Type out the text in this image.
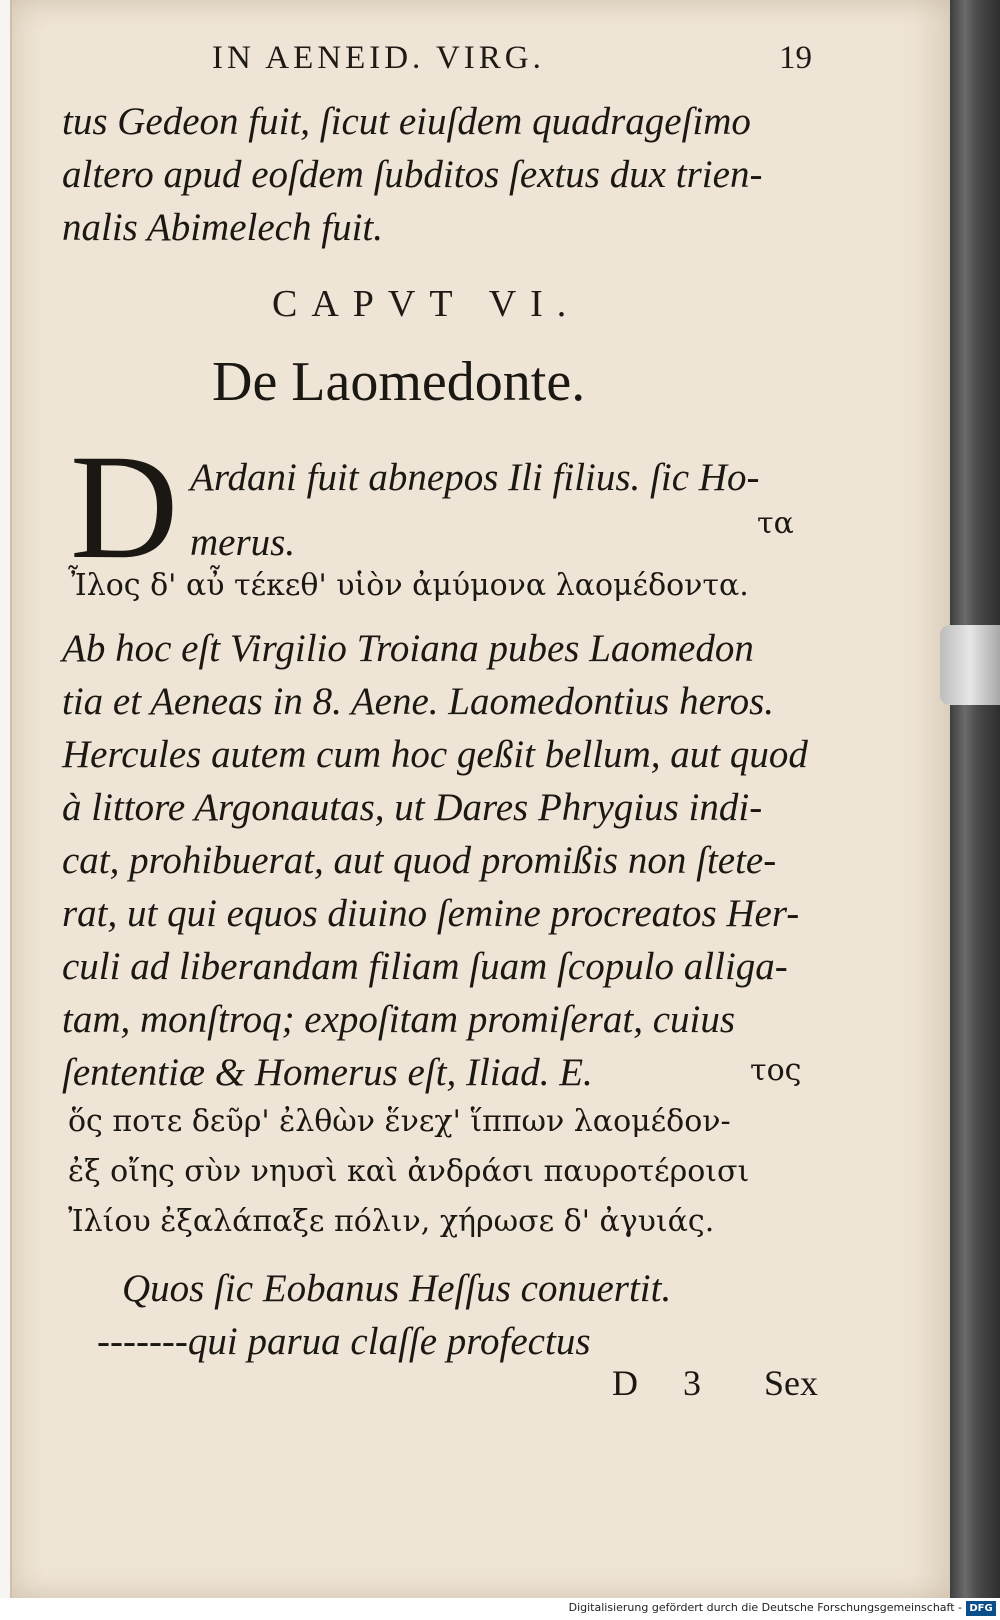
IN AENEID. VIRG.	19
tus Gedeon fuit, ſicut eiuſdem quadrageſimo
altero apud eoſdem ſubditos ſextus dux trien-
nalis Abimelech fuit.
CAPVT VI.
De Laomedonte.
D Ardani fuit abnepos Ili filius. ſic Ho-
merus.	τα
Ἶλος δ' αὖ τέκεθ' υἱὸν ἀμύμονα λαομέδοντα.
Ab hoc eſt Virgilio Troiana pubes Laomedon
tia et Aeneas in 8. Aene. Laomedontius heros.
Hercules autem cum hoc geßit bellum, aut quod
à littore Argonautas, ut Dares Phrygius indi-
cat, prohibuerat, aut quod promißis non ſtete-
rat, ut qui equos diuino ſemine procreatos Her-
culi ad liberandam filiam ſuam ſcopulo alliga-
tam, monſtroq; expoſitam promiſerat, cuius
ſententiæ & Homerus eſt, Iliad. E.	τος
ὅς ποτε δεῦρ' ἐλθὼν ἕνεχ' ἵππων λαομέδον-
ἐξ οἴης σὺν νηυσὶ καὶ ἀνδράσι παυροτέροισι
Ἰλίου ἐξαλάπαξε πόλιν, χήρωσε δ' ἀγυιάς.
Quos ſic Eobanus Heſſus conuertit.
-------qui parua claſſe profectus
D 3 Sex
Digitalisierung gefördert durch die Deutsche Forschungsgemeinschaft - DFG
